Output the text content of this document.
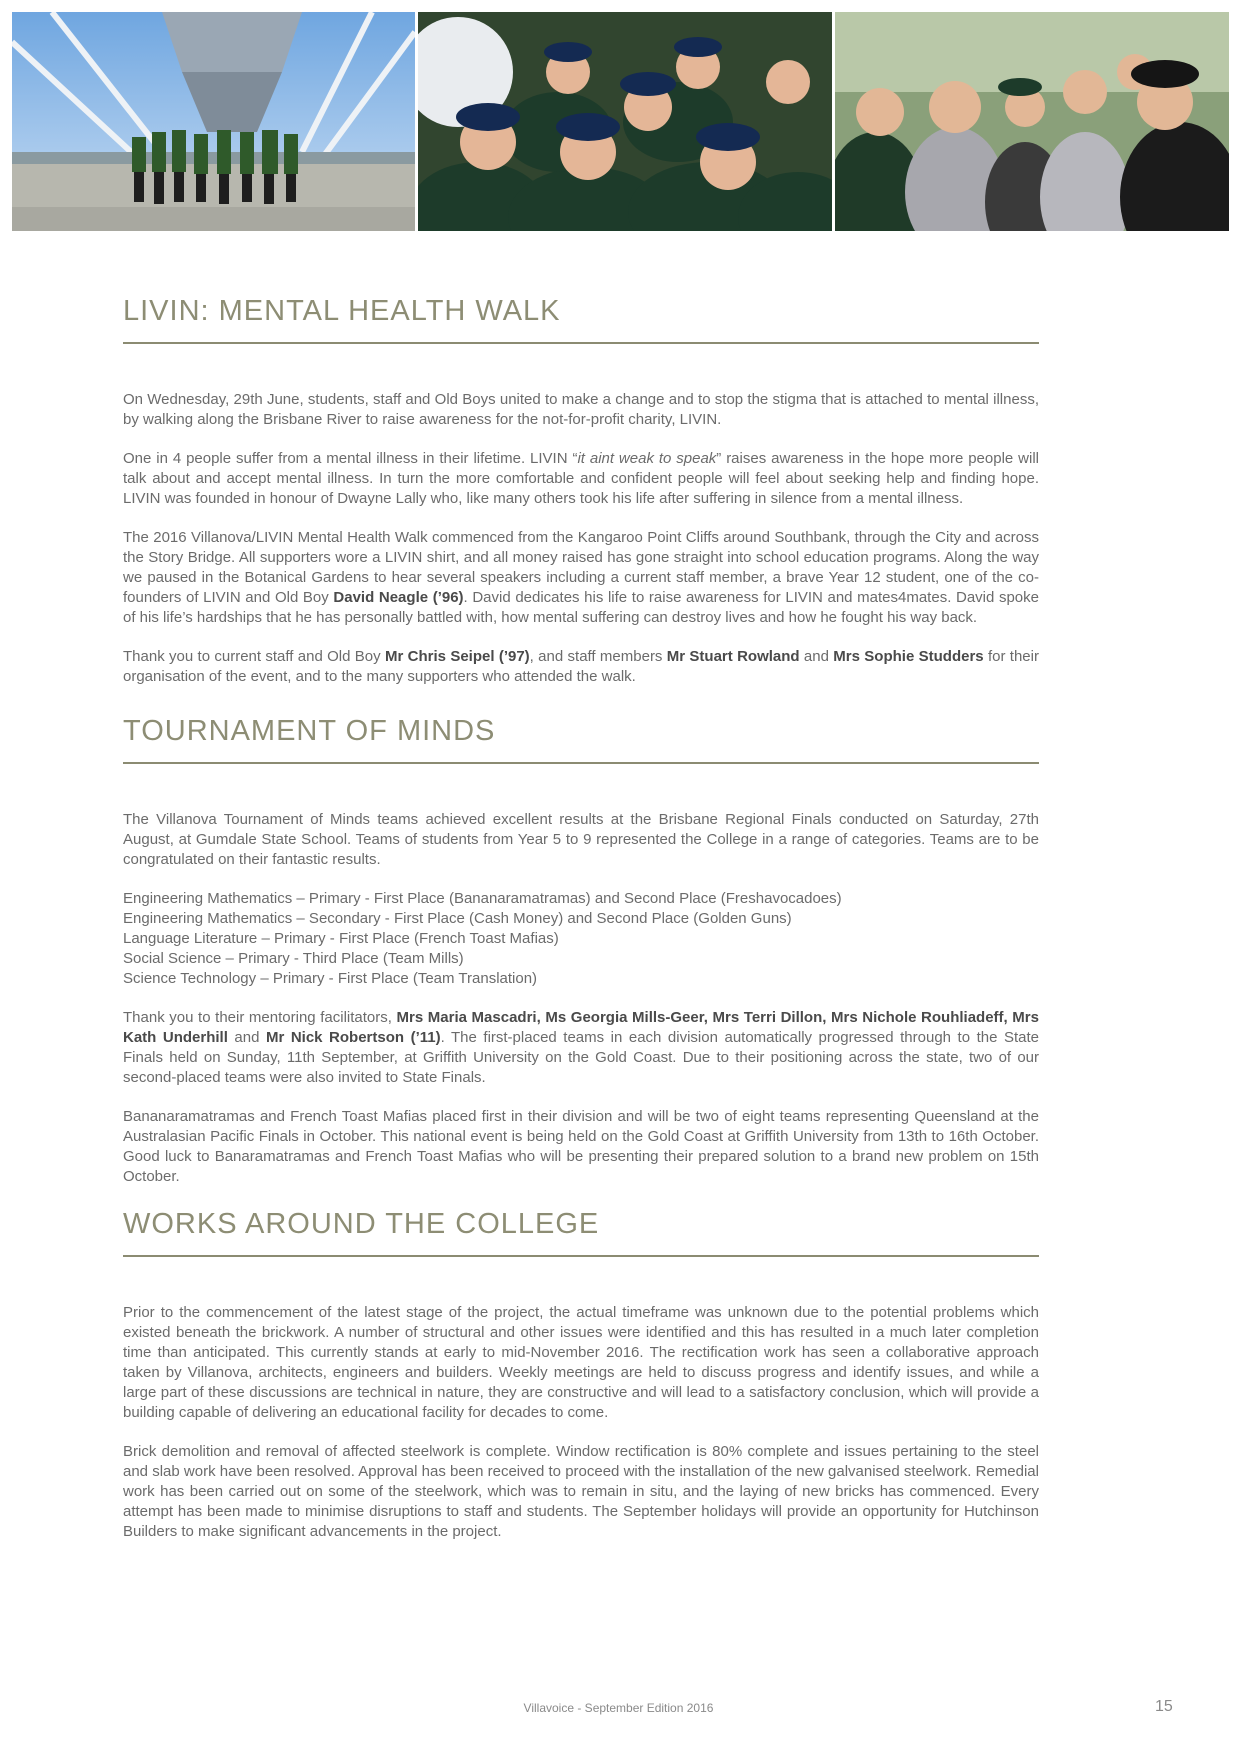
LIVIN: MENTAL HEALTH WALK

On Wednesday, 29th June, students, staff and Old Boys united to make a change and to stop the stigma that is attached to mental illness, by walking along the Brisbane River to raise awareness for the not-for-profit charity, LIVIN.

One in 4 people suffer from a mental illness in their lifetime. LIVIN “it aint weak to speak” raises awareness in the hope more people will talk about and accept mental illness. In turn the more comfortable and confident people will feel about seeking help and finding hope. LIVIN was founded in honour of Dwayne Lally who, like many others took his life after suffering in silence from a mental illness.

The 2016 Villanova/LIVIN Mental Health Walk commenced from the Kangaroo Point Cliffs around Southbank, through the City and across the Story Bridge. All supporters wore a LIVIN shirt, and all money raised has gone straight into school education programs. Along the way we paused in the Botanical Gardens to hear several speakers including a current staff member, a brave Year 12 student, one of the co-founders of LIVIN and Old Boy David Neagle (’96). David dedicates his life to raise awareness for LIVIN and mates4mates. David spoke of his life’s hardships that he has personally battled with, how mental suffering can destroy lives and how he fought his way back.

Thank you to current staff and Old Boy Mr Chris Seipel (’97), and staff members Mr Stuart Rowland and Mrs Sophie Studders for their organisation of the event, and to the many supporters who attended the walk.

TOURNAMENT OF MINDS

The Villanova Tournament of Minds teams achieved excellent results at the Brisbane Regional Finals conducted on Saturday, 27th August, at Gumdale State School. Teams of students from Year 5 to 9 represented the College in a range of categories. Teams are to be congratulated on their fantastic results.

Engineering Mathematics – Primary - First Place (Bananaramatramas) and Second Place (Freshavocadoes)
Engineering Mathematics – Secondary - First Place (Cash Money) and Second Place (Golden Guns)
Language Literature – Primary - First Place (French Toast Mafias)
Social Science – Primary - Third Place (Team Mills)
Science Technology – Primary - First Place (Team Translation)

Thank you to their mentoring facilitators, Mrs Maria Mascadri, Ms Georgia Mills-Geer, Mrs Terri Dillon, Mrs Nichole Rouhliadeff, Mrs Kath Underhill and Mr Nick Robertson (’11). The first-placed teams in each division automatically progressed through to the State Finals held on Sunday, 11th September, at Griffith University on the Gold Coast. Due to their positioning across the state, two of our second-placed teams were also invited to State Finals.

Bananaramatramas and French Toast Mafias placed first in their division and will be two of eight teams representing Queensland at the Australasian Pacific Finals in October. This national event is being held on the Gold Coast at Griffith University from 13th to 16th October. Good luck to Banaramatramas and French Toast Mafias who will be presenting their prepared solution to a brand new problem on 15th October.

WORKS AROUND THE COLLEGE

Prior to the commencement of the latest stage of the project, the actual timeframe was unknown due to the potential problems which existed beneath the brickwork. A number of structural and other issues were identified and this has resulted in a much later completion time than anticipated. This currently stands at early to mid-November 2016. The rectification work has seen a collaborative approach taken by Villanova, architects, engineers and builders. Weekly meetings are held to discuss progress and identify issues, and while a large part of these discussions are technical in nature, they are constructive and will lead to a satisfactory conclusion, which will provide a building capable of delivering an educational facility for decades to come.

Brick demolition and removal of affected steelwork is complete. Window rectification is 80% complete and issues pertaining to the steel and slab work have been resolved. Approval has been received to proceed with the installation of the new galvanised steelwork. Remedial work has been carried out on some of the steelwork, which was to remain in situ, and the laying of new bricks has commenced. Every attempt has been made to minimise disruptions to staff and students. The September holidays will provide an opportunity for Hutchinson Builders to make significant advancements in the project.

Villavoice - September Edition 2016	15
